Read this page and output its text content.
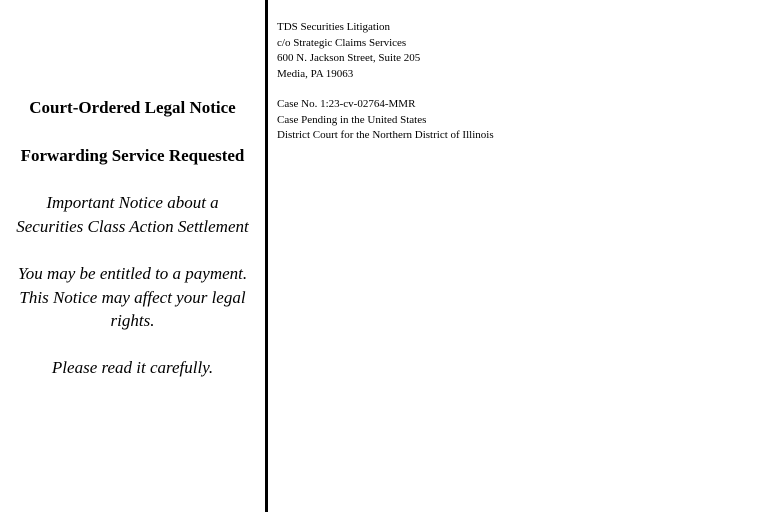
Court-Ordered Legal Notice
Forwarding Service Requested
Important Notice about a
Securities Class Action Settlement
You may be entitled to a payment.
This Notice may affect your legal
rights.
Please read it carefully.
TDS Securities Litigation
c/o Strategic Claims Services
600 N. Jackson Street, Suite 205
Media, PA 19063
Case No. 1:23-cv-02764-MMR
Case Pending in the United States
District Court for the Northern District of Illinois
